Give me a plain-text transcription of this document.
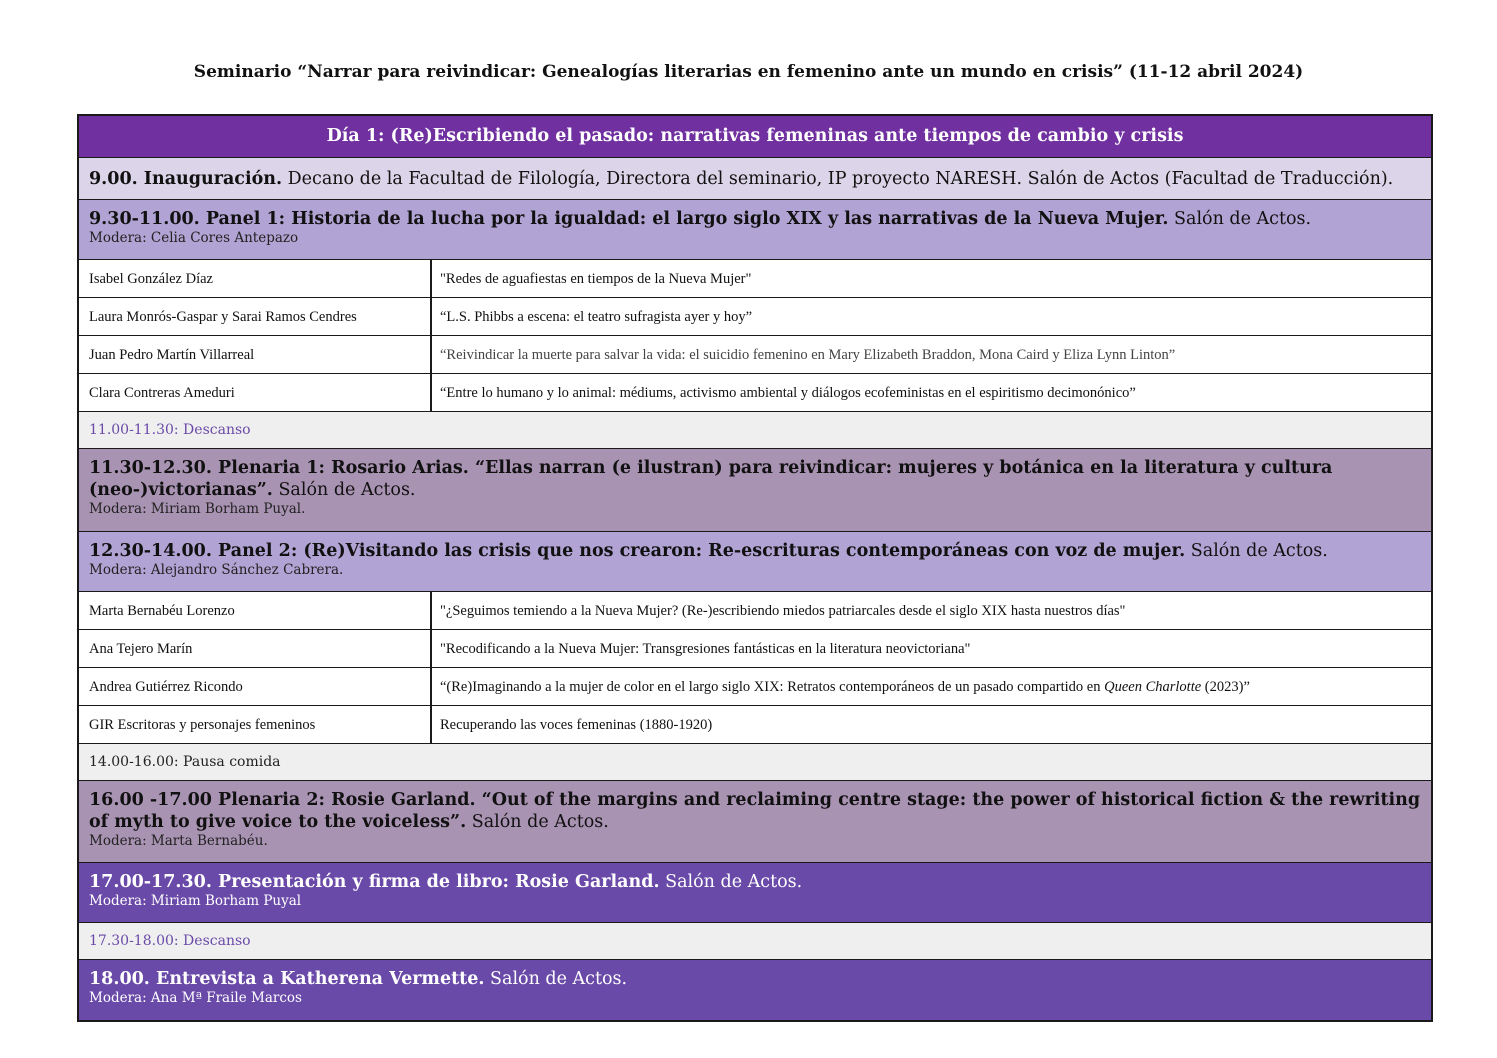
Seminario “Narrar para reivindicar: Genealogías literarias en femenino ante un mundo en crisis” (11-12 abril 2024)
Día 1: (Re)Escribiendo el pasado: narrativas femeninas ante tiempos de cambio y crisis
9.00. Inauguración. Decano de la Facultad de Filología, Directora del seminario, IP proyecto NARESH. Salón de Actos (Facultad de Traducción).
9.30-11.00. Panel 1: Historia de la lucha por la igualdad: el largo siglo XIX y las narrativas de la Nueva Mujer. Salón de Actos.
Modera: Celia Cores Antepazo
Isabel González Díaz	"Redes de aguafiestas en tiempos de la Nueva Mujer"
Laura Monrós-Gaspar y Sarai Ramos Cendres	“L.S. Phibbs a escena: el teatro sufragista ayer y hoy”
Juan Pedro Martín Villarreal	“Reivindicar la muerte para salvar la vida: el suicidio femenino en Mary Elizabeth Braddon, Mona Caird y Eliza Lynn Linton”
Clara Contreras Ameduri	“Entre lo humano y lo animal: médiums, activismo ambiental y diálogos ecofeministas en el espiritismo decimonónico”
11.00-11.30: Descanso
11.30-12.30. Plenaria 1: Rosario Arias. “Ellas narran (e ilustran) para reivindicar: mujeres y botánica en la literatura y cultura (neo-)victorianas”. Salón de Actos.
Modera: Miriam Borham Puyal.
12.30-14.00. Panel 2: (Re)Visitando las crisis que nos crearon: Re-escrituras contemporáneas con voz de mujer. Salón de Actos.
Modera: Alejandro Sánchez Cabrera.
Marta Bernabéu Lorenzo	"¿Seguimos temiendo a la Nueva Mujer? (Re-)escribiendo miedos patriarcales desde el siglo XIX hasta nuestros días"
Ana Tejero Marín	"Recodificando a la Nueva Mujer: Transgresiones fantásticas en la literatura neovictoriana"
Andrea Gutiérrez Ricondo	“(Re)Imaginando a la mujer de color en el largo siglo XIX: Retratos contemporáneos de un pasado compartido en Queen Charlotte (2023)”
GIR Escritoras y personajes femeninos	Recuperando las voces femeninas (1880-1920)
14.00-16.00: Pausa comida
16.00 -17.00 Plenaria 2: Rosie Garland. “Out of the margins and reclaiming centre stage: the power of historical fiction & the rewriting of myth to give voice to the voiceless”. Salón de Actos.
Modera: Marta Bernabéu.
17.00-17.30. Presentación y firma de libro: Rosie Garland. Salón de Actos.
Modera: Miriam Borham Puyal
17.30-18.00: Descanso
18.00. Entrevista a Katherena Vermette. Salón de Actos.
Modera: Ana Mª Fraile Marcos
